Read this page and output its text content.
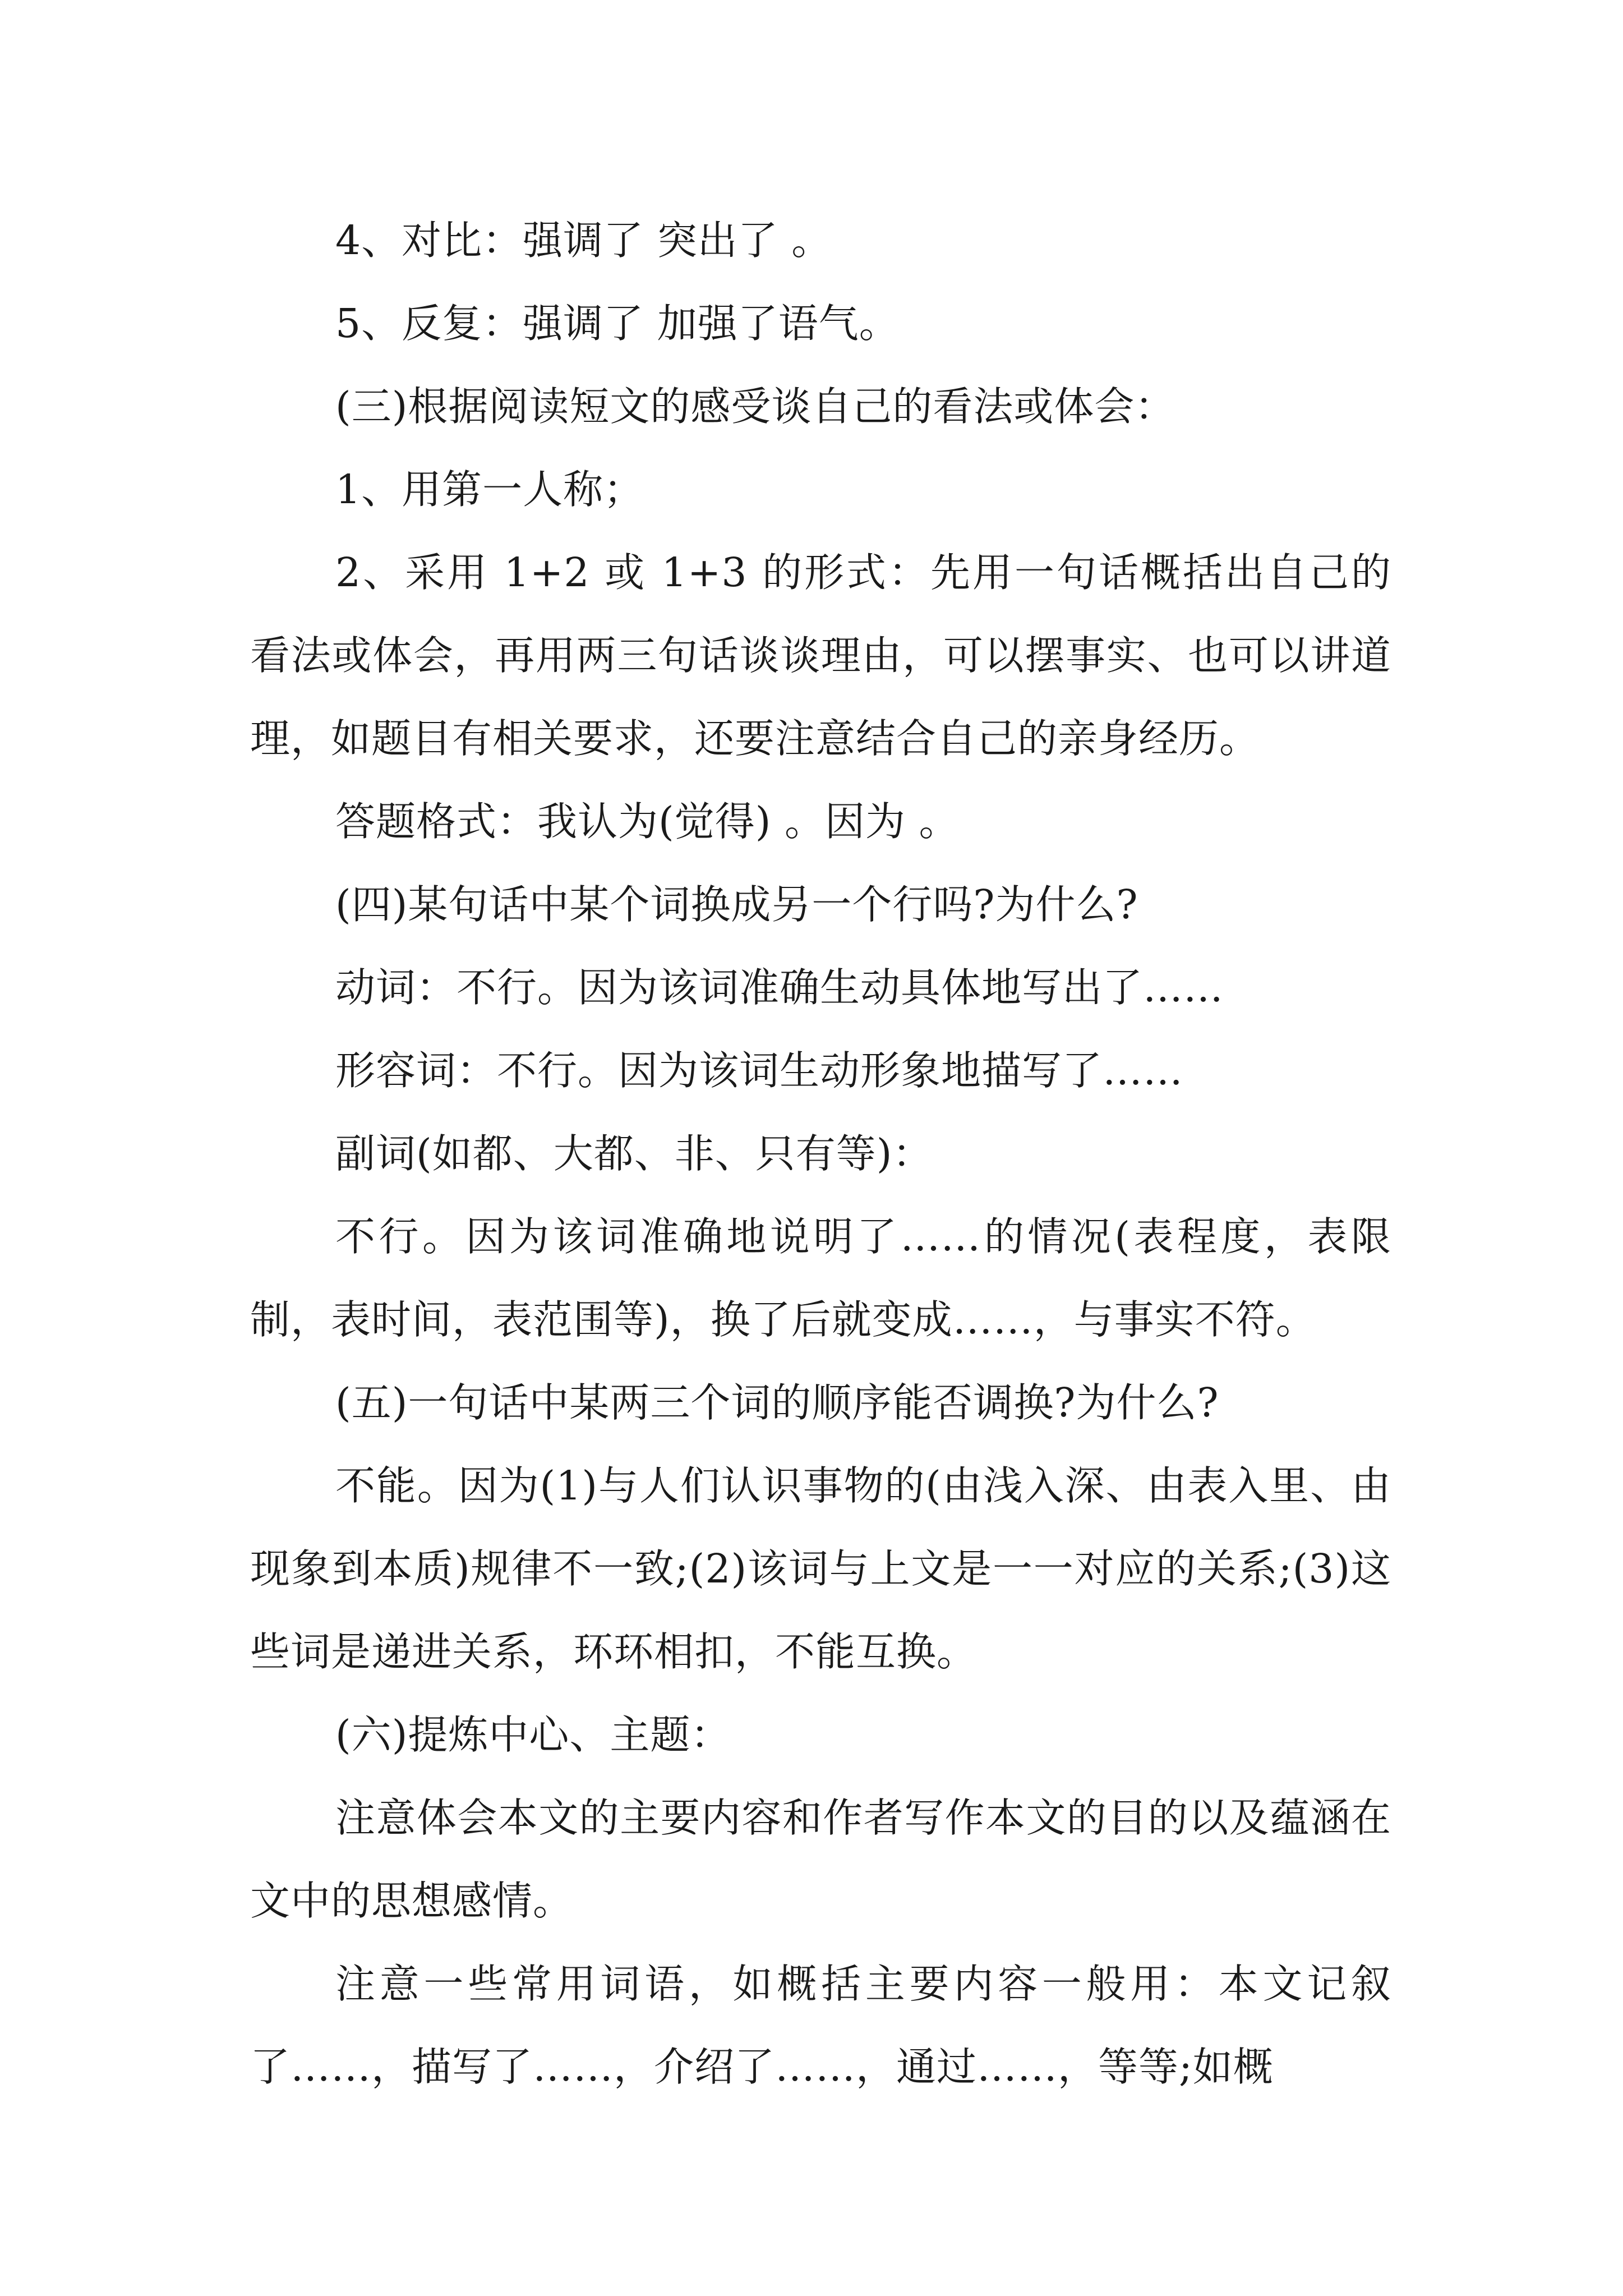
4、对比：强调了 突出了 。

5、反复：强调了 加强了语气。

(三)根据阅读短文的感受谈自己的看法或体会：

1、用第一人称；

2、采用 1+2 或 1+3 的形式：先用一句话概括出自己的看法或体会，再用两三句话谈谈理由，可以摆事实、也可以讲道理，如题目有相关要求，还要注意结合自己的亲身经历。

答题格式：我认为(觉得) 。因为 。

(四)某句话中某个词换成另一个行吗?为什么?

动词：不行。因为该词准确生动具体地写出了……

形容词：不行。因为该词生动形象地描写了……

副词(如都、大都、非、只有等)：

不行。因为该词准确地说明了……的情况(表程度，表限制，表时间，表范围等)，换了后就变成……，与事实不符。

(五)一句话中某两三个词的顺序能否调换?为什么?

不能。因为(1)与人们认识事物的(由浅入深、由表入里、由现象到本质)规律不一致;(2)该词与上文是一一对应的关系;(3)这些词是递进关系，环环相扣，不能互换。

(六)提炼中心、主题：

注意体会本文的主要内容和作者写作本文的目的以及蕴涵在文中的思想感情。

注意一些常用词语，如概括主要内容一般用：本文记叙了……，描写了……，介绍了……，通过……，等等;如概
